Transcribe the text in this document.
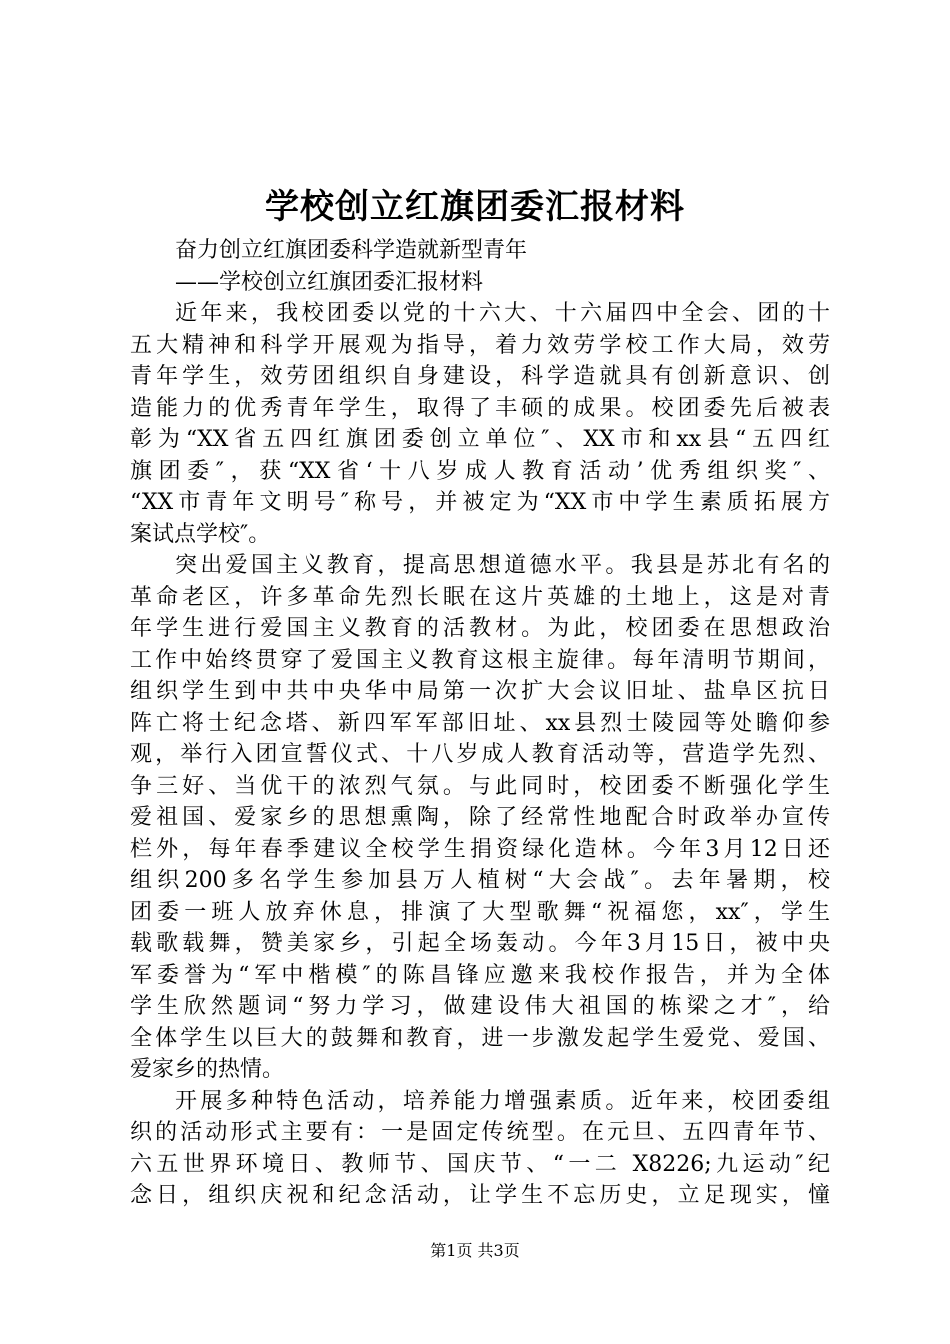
学校创立红旗团委汇报材料
奋力创立红旗团委科学造就新型青年
——学校创立红旗团委汇报材料
近年来，我校团委以党的十六大、十六届四中全会、团的十
五大精神和科学开展观为指导，着力效劳学校工作大局，效劳
青年学生，效劳团组织自身建设，科学造就具有创新意识、创
造能力的优秀青年学生，取得了丰硕的成果。校团委先后被表
彰为“XX省五四红旗团委创立单位″、XX市和xx县“五四红
旗团委″，获“XX省‘十八岁成人教育活动’优秀组织奖″、
“XX市青年文明号″称号，并被定为“XX市中学生素质拓展方
案试点学校″。
突出爱国主义教育，提高思想道德水平。我县是苏北有名的
革命老区，许多革命先烈长眠在这片英雄的土地上，这是对青
年学生进行爱国主义教育的活教材。为此，校团委在思想政治
工作中始终贯穿了爱国主义教育这根主旋律。每年清明节期间，
组织学生到中共中央华中局第一次扩大会议旧址、盐阜区抗日
阵亡将士纪念塔、新四军军部旧址、xx县烈士陵园等处瞻仰参
观，举行入团宣誓仪式、十八岁成人教育活动等，营造学先烈、
争三好、当优干的浓烈气氛。与此同时，校团委不断强化学生
爱祖国、爱家乡的思想熏陶，除了经常性地配合时政举办宣传
栏外，每年春季建议全校学生捐资绿化造林。今年3月12日还
组织200多名学生参加县万人植树“大会战″。去年暑期，校
团委一班人放弃休息，排演了大型歌舞“祝福您，xx″，学生
载歌载舞，赞美家乡，引起全场轰动。今年3月15日，被中央
军委誉为“军中楷模″的陈昌锋应邀来我校作报告，并为全体
学生欣然题词“努力学习，做建设伟大祖国的栋梁之才″，给
全体学生以巨大的鼓舞和教育，进一步激发起学生爱党、爱国、
爱家乡的热情。
开展多种特色活动，培养能力增强素质。近年来，校团委组
织的活动形式主要有：一是固定传统型。在元旦、五四青年节、
六五世界环境日、教师节、国庆节、“一二 X8226;九运动″纪
念日，组织庆祝和纪念活动，让学生不忘历史，立足现实，憧
第1页 共3页
